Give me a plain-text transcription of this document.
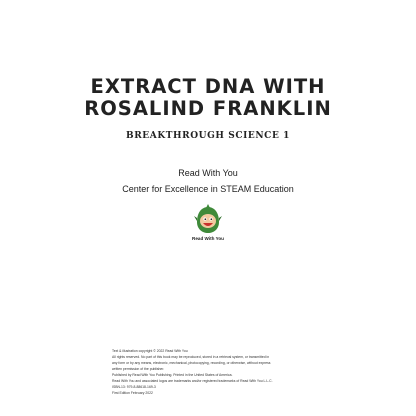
EXTRACT DNA WITH
ROSALIND FRANKLIN
BREAKTHROUGH SCIENCE 1
Read With You
Center for Excellence in STEAM Education
Read With You
Text & illustration copyright © 2022 Read With You
All rights reserved. No part of this book may be reproduced, stored in a retrieval system, or transmitted in
any form or by any means, electronic, mechanical, photocopying, recording, or otherwise, without express
written permission of the publisher.
Published by Read With You Publishing. Printed in the United States of America.
Read With You and associated logos are trademarks and/or registered trademarks of Read With You L.L.C.
ISBN-13: 979-8-88618-169-3
First Edition February 2022
